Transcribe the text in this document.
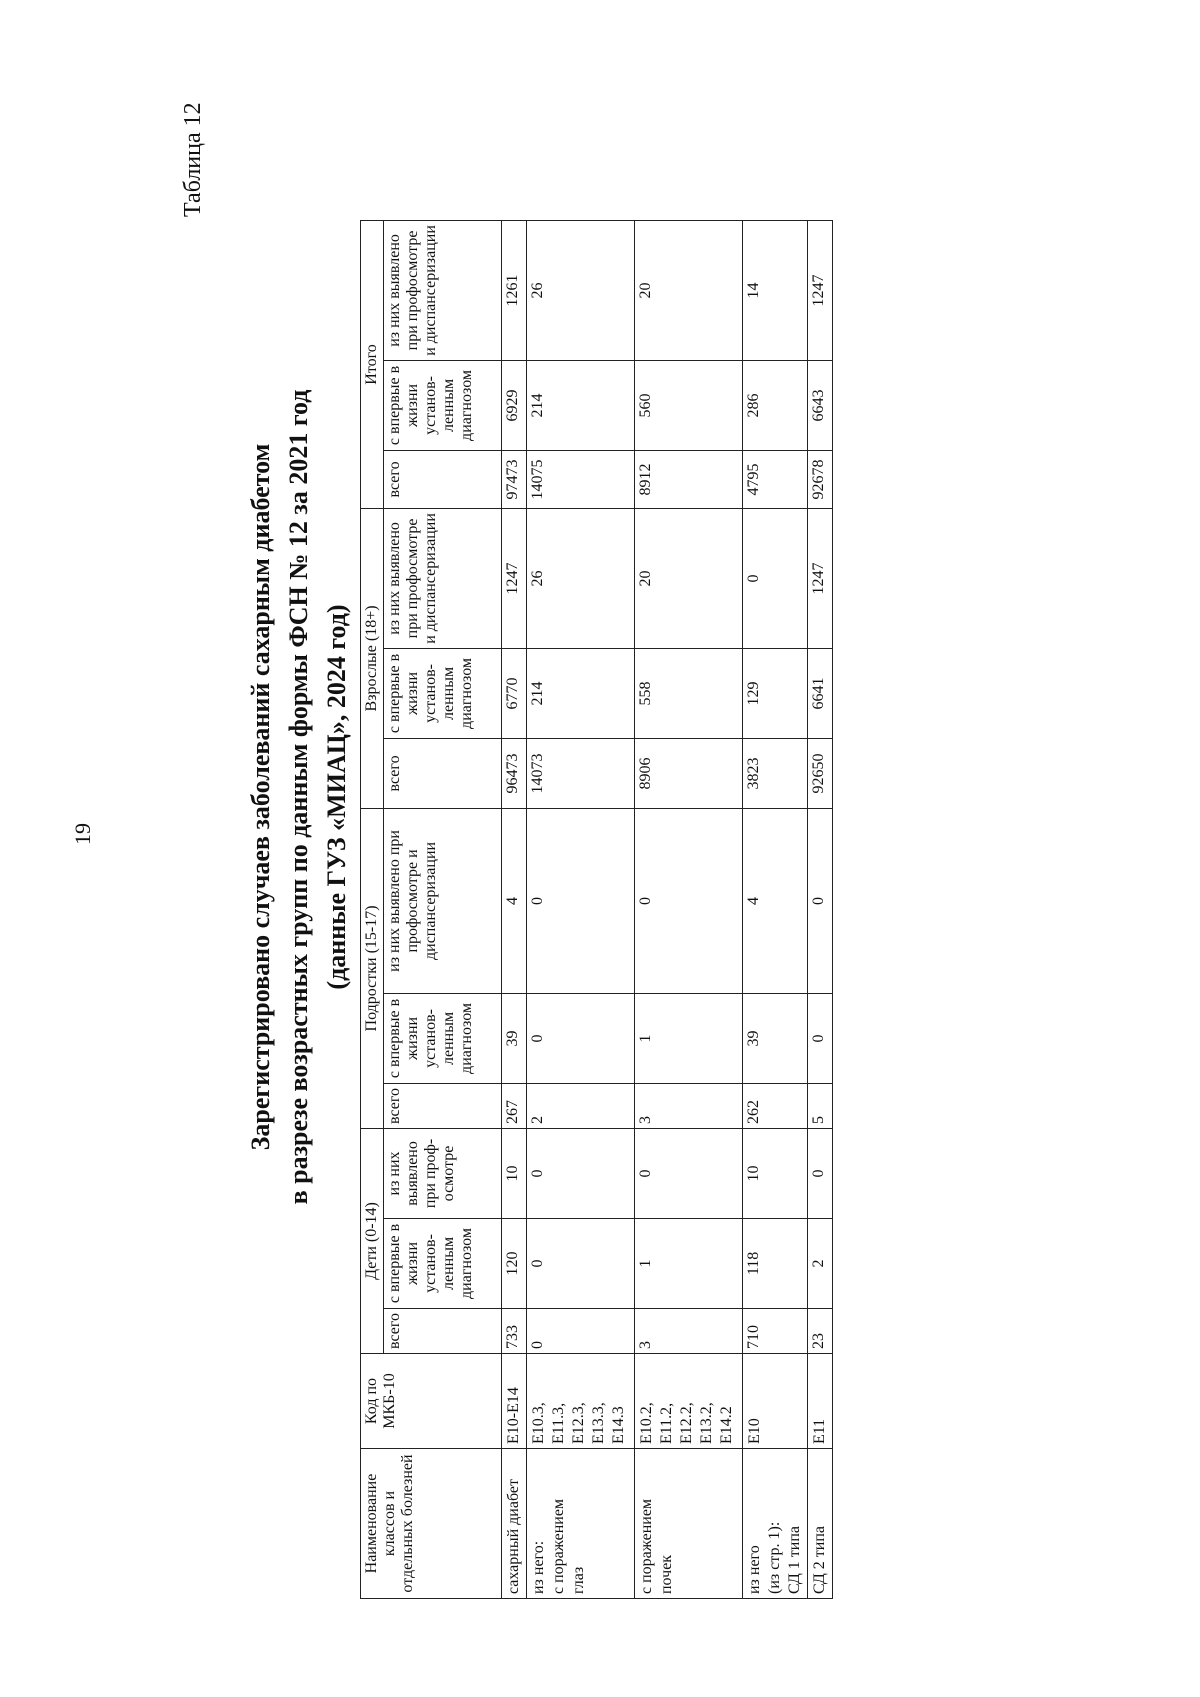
19
Таблица 12
Зарегистрировано случаев заболеваний сахарным диабетом в разрезе возрастных групп по данным формы ФСН № 12 за 2021 год (данные ГУЗ «МИАЦ», 2024 год)
Наименование классов и отдельных болезней	Код по МКБ-10	Дети (0-14)			Подростки (15-17)			Взрослые (18+)			Итого		
		всего	с впервые в жизни установ-ленным диагнозом	из них выявлено при проф-осмотре	всего	с впервые в жизни установ-ленным диагнозом	из них выявлено при профосмотре и диспансеризации	всего	с впервые в жизни установ-ленным диагнозом	из них выявлено при профосмотре и диспансеризации	всего	с впервые в жизни установ-ленным диагнозом	из них выявлено при профосмотре и диспансеризации
сахарный диабет	Е10-Е14	733	120	10	267	39	4	96473	6770	1247	97473	6929	1261
из него:
с поражением
глаз	Е10.3,
Е11.3,
Е12.3,
Е13.3,
Е14.3	0	0	0	2	0	0	14073	214	26	14075	214	26
с поражением
почек	Е10.2,
Е11.2,
Е12.2,
Е13.2,
Е14.2	3	1	0	3	1	0	8906	558	20	8912	560	20
из него
(из стр. 1):
СД 1 типа	Е10	710	118	10	262	39	4	3823	129	0	4795	286	14
СД 2 типа	Е11	23	2	0	5	0	0	92650	6641	1247	92678	6643	1247
